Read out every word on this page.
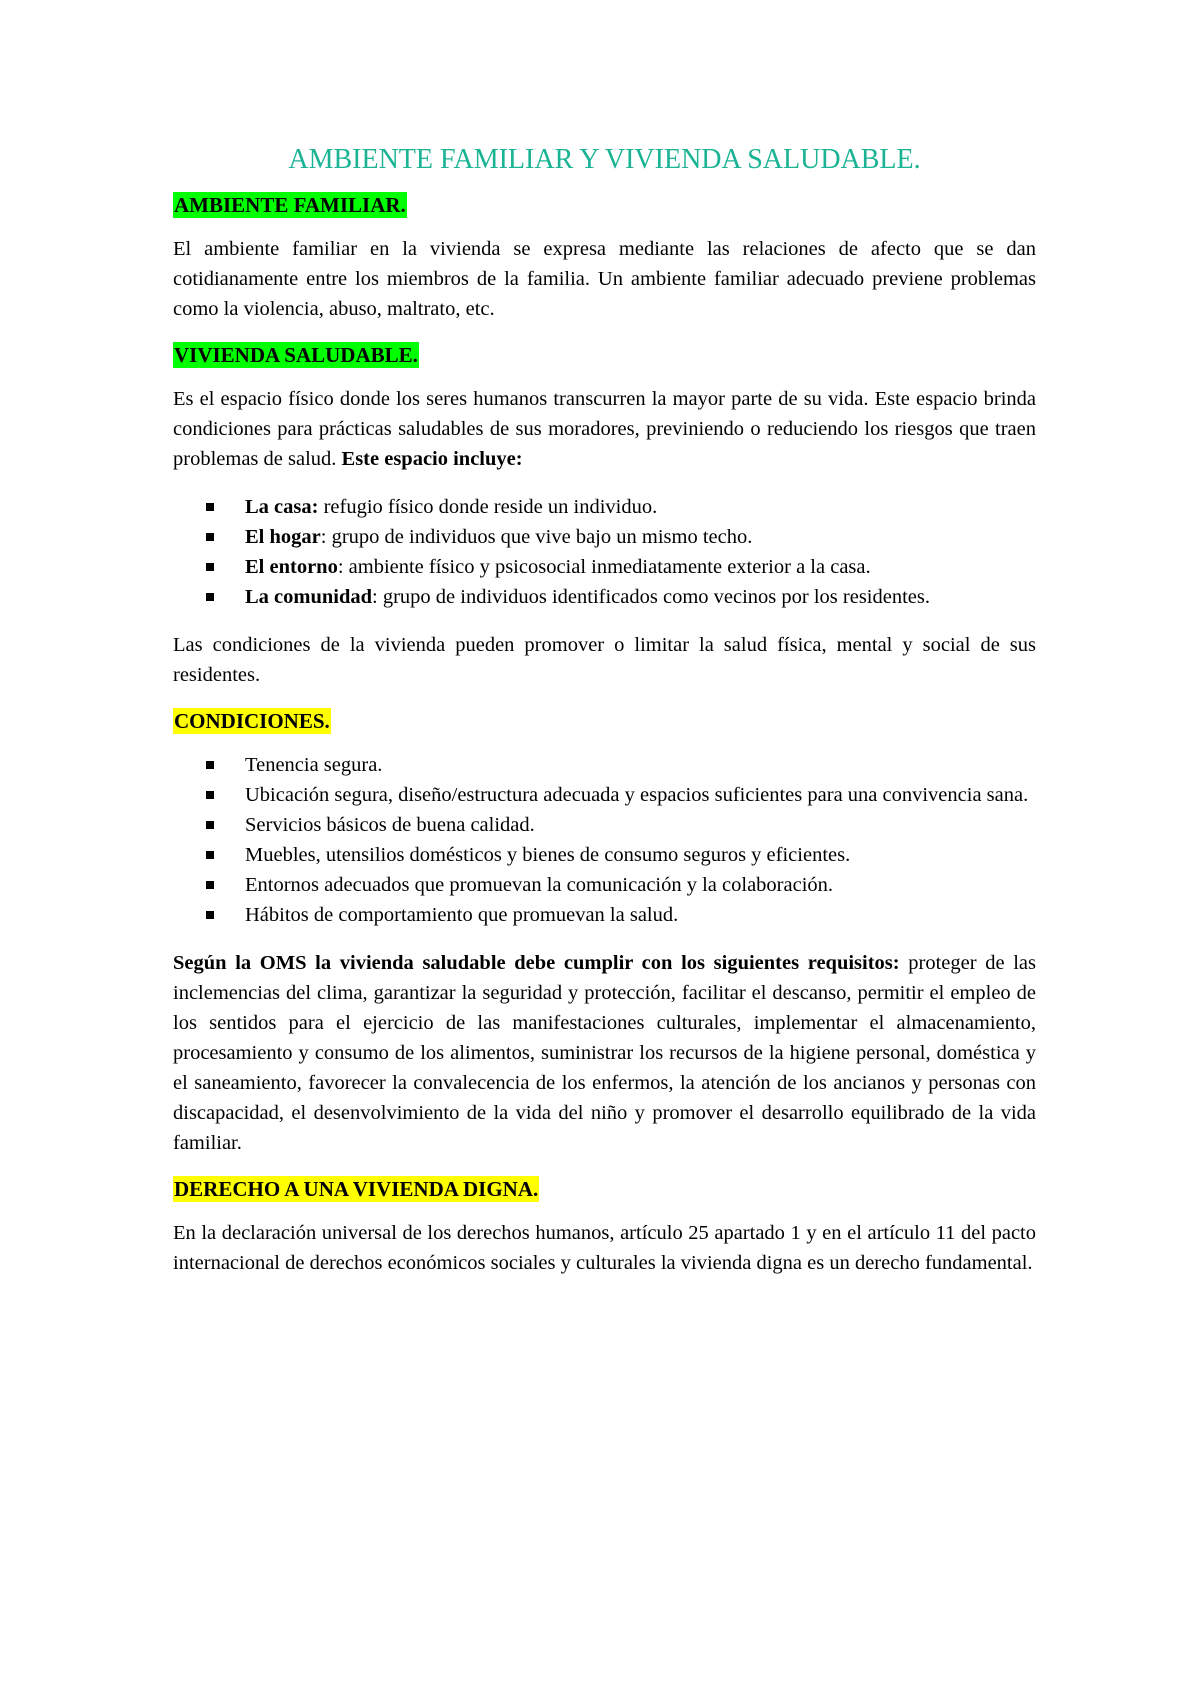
AMBIENTE FAMILIAR Y VIVIENDA SALUDABLE.
AMBIENTE FAMILIAR.

El ambiente familiar en la vivienda se expresa mediante las relaciones de afecto que se dan cotidianamente entre los miembros de la familia. Un ambiente familiar adecuado previene problemas como la violencia, abuso, maltrato, etc.

VIVIENDA SALUDABLE.

Es el espacio físico donde los seres humanos transcurren la mayor parte de su vida. Este espacio brinda condiciones para prácticas saludables de sus moradores, previniendo o reduciendo los riesgos que traen problemas de salud. Este espacio incluye:

La casa: refugio físico donde reside un individuo.
El hogar: grupo de individuos que vive bajo un mismo techo.
El entorno: ambiente físico y psicosocial inmediatamente exterior a la casa.
La comunidad: grupo de individuos identificados como vecinos por los residentes.

Las condiciones de la vivienda pueden promover o limitar la salud física, mental y social de sus residentes.

CONDICIONES.
Tenencia segura.
Ubicación segura, diseño/estructura adecuada y espacios suficientes para una convivencia sana.
Servicios básicos de buena calidad.
Muebles, utensilios domésticos y bienes de consumo seguros y eficientes.
Entornos adecuados que promuevan la comunicación y la colaboración.
Hábitos de comportamiento que promuevan la salud.

Según la OMS la vivienda saludable debe cumplir con los siguientes requisitos: proteger de las inclemencias del clima, garantizar la seguridad y protección, facilitar el descanso, permitir el empleo de los sentidos para el ejercicio de las manifestaciones culturales, implementar el almacenamiento, procesamiento y consumo de los alimentos, suministrar los recursos de la higiene personal, doméstica y el saneamiento, favorecer la convalecencia de los enfermos, la atención de los ancianos y personas con discapacidad, el desenvolvimiento de la vida del niño y promover el desarrollo equilibrado de la vida familiar.

DERECHO A UNA VIVIENDA DIGNA.

En la declaración universal de los derechos humanos, artículo 25 apartado 1 y en el artículo 11 del pacto internacional de derechos económicos sociales y culturales la vivienda digna es un derecho fundamental.
